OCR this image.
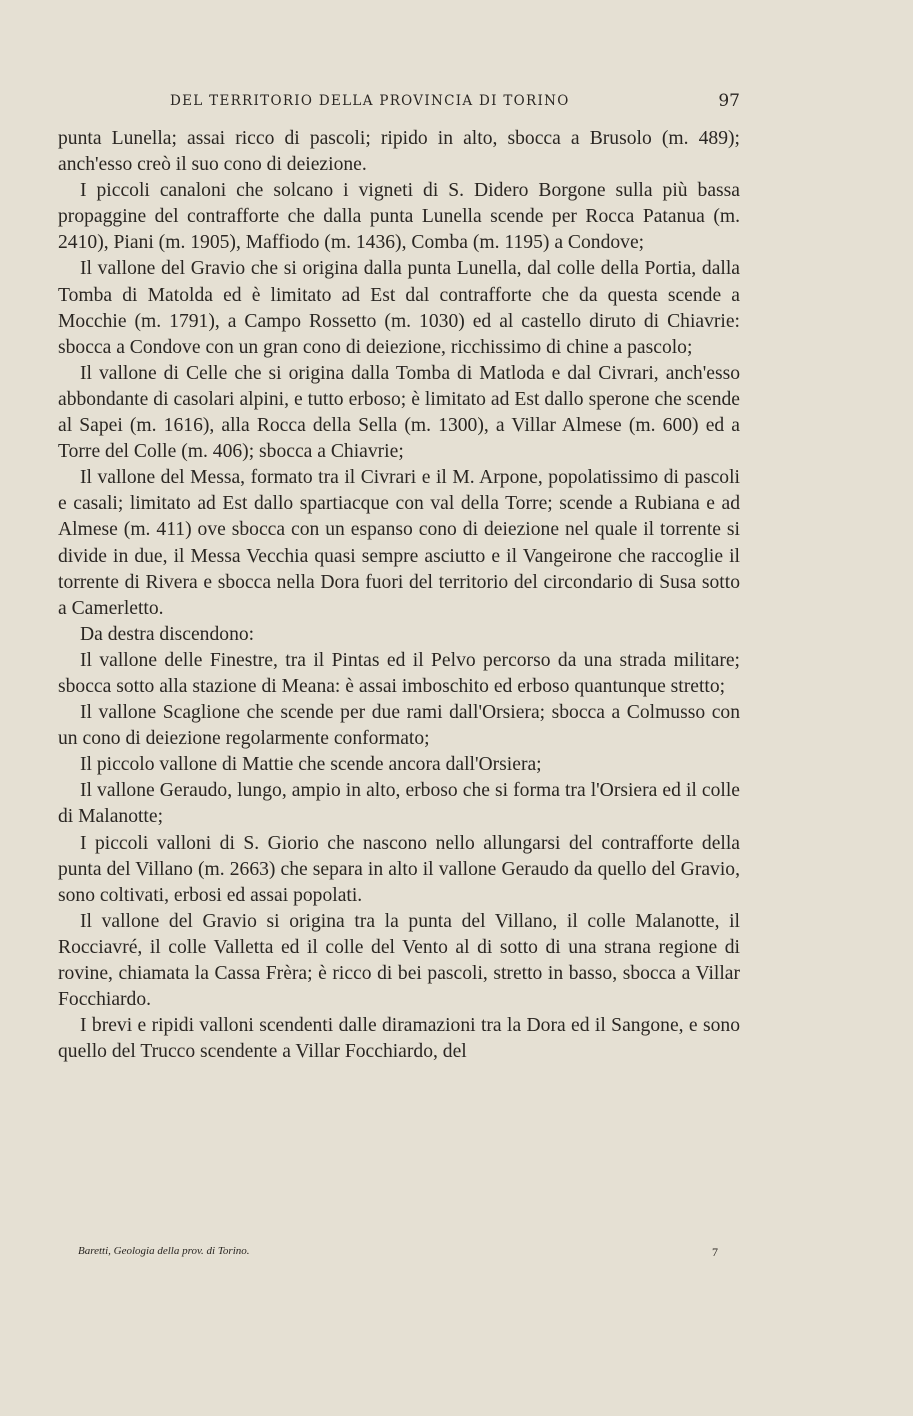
DEL TERRITORIO DELLA PROVINCIA DI TORINO	97

punta Lunella; assai ricco di pascoli; ripido in alto, sbocca a Brusolo (m. 489); anch'esso creò il suo cono di deiezione.

I piccoli canaloni che solcano i vigneti di S. Didero Borgone sulla più bassa propaggine del contrafforte che dalla punta Lunella scende per Rocca Patanua (m. 2410), Piani (m. 1905), Maffiodo (m. 1436), Comba (m. 1195) a Condove;

Il vallone del Gravio che si origina dalla punta Lunella, dal colle della Portia, dalla Tomba di Matolda ed è limitato ad Est dal contrafforte che da questa scende a Mocchie (m. 1791), a Campo Rossetto (m. 1030) ed al castello diruto di Chiavrie: sbocca a Condove con un gran cono di deiezione, ricchissimo di chine a pascolo;

Il vallone di Celle che si origina dalla Tomba di Matloda e dal Civrari, anch'esso abbondante di casolari alpini, e tutto erboso; è limitato ad Est dallo sperone che scende al Sapei (m. 1616), alla Rocca della Sella (m. 1300), a Villar Almese (m. 600) ed a Torre del Colle (m. 406); sbocca a Chiavrie;

Il vallone del Messa, formato tra il Civrari e il M. Arpone, popolatissimo di pascoli e casali; limitato ad Est dallo spartiacque con val della Torre; scende a Rubiana e ad Almese (m. 411) ove sbocca con un espanso cono di deiezione nel quale il torrente si divide in due, il Messa Vecchia quasi sempre asciutto e il Vangeirone che raccoglie il torrente di Rivera e sbocca nella Dora fuori del territorio del circondario di Susa sotto a Camerletto.

Da destra discendono:

Il vallone delle Finestre, tra il Pintas ed il Pelvo percorso da una strada militare; sbocca sotto alla stazione di Meana: è assai imboschito ed erboso quantunque stretto;

Il vallone Scaglione che scende per due rami dall'Orsiera; sbocca a Colmusso con un cono di deiezione regolarmente conformato;

Il piccolo vallone di Mattie che scende ancora dall'Orsiera;

Il vallone Geraudo, lungo, ampio in alto, erboso che si forma tra l'Orsiera ed il colle di Malanotte;

I piccoli valloni di S. Giorio che nascono nello allungarsi del contrafforte della punta del Villano (m. 2663) che separa in alto il vallone Geraudo da quello del Gravio, sono coltivati, erbosi ed assai popolati.

Il vallone del Gravio si origina tra la punta del Villano, il colle Malanotte, il Rocciavré, il colle Valletta ed il colle del Vento al di sotto di una strana regione di rovine, chiamata la Cassa Frèra; è ricco di bei pascoli, stretto in basso, sbocca a Villar Focchiardo.

I brevi e ripidi valloni scendenti dalle diramazioni tra la Dora ed il Sangone, e sono quello del Trucco scendente a Villar Focchiardo, del

Baretti, Geologia della prov. di Torino.	7
